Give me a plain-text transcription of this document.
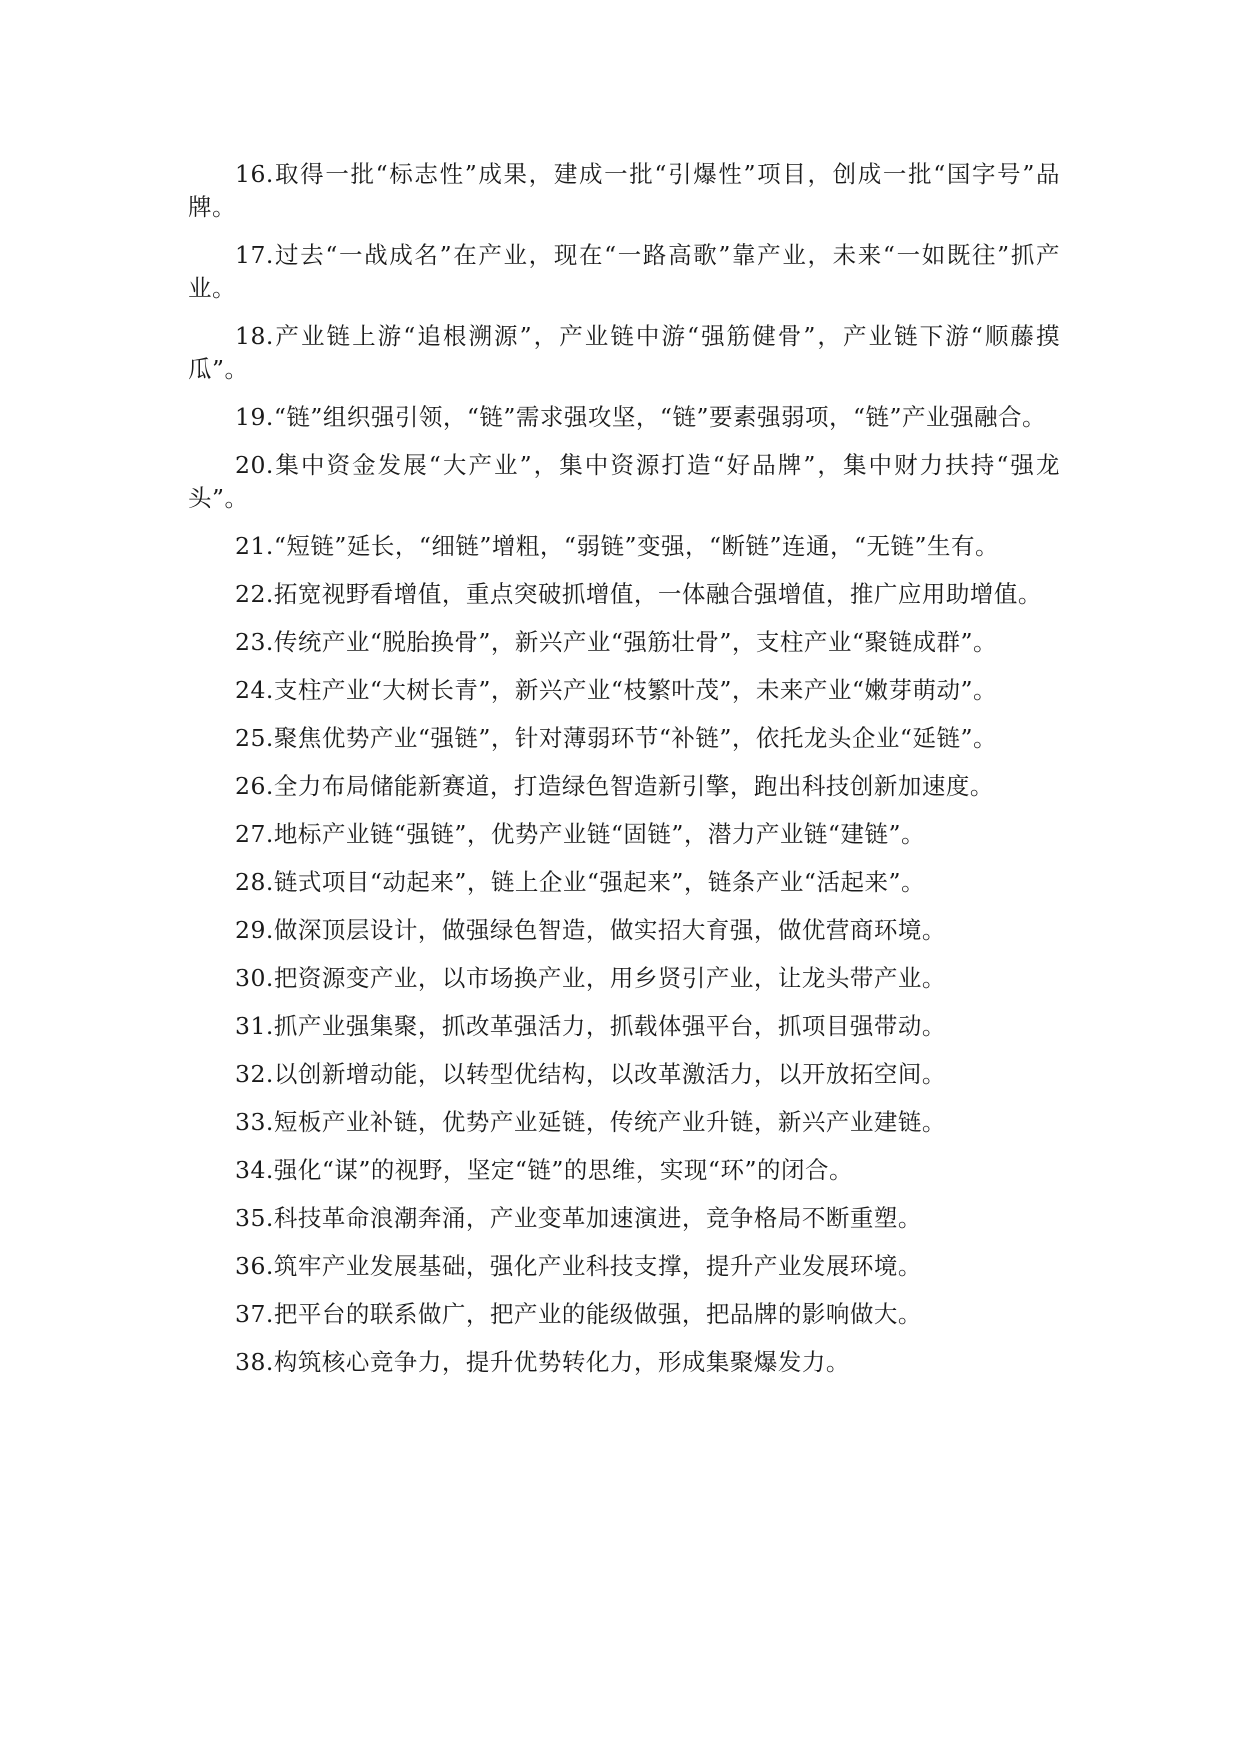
16.取得一批“标志性”成果，建成一批“引爆性”项目，创成一批“国字号”品牌。

17.过去“一战成名”在产业，现在“一路高歌”靠产业，未来“一如既往”抓产业。

18.产业链上游“追根溯源”，产业链中游“强筋健骨”，产业链下游“顺藤摸瓜”。

19.“链”组织强引领，“链”需求强攻坚，“链”要素强弱项，“链”产业强融合。

20.集中资金发展“大产业”，集中资源打造“好品牌”，集中财力扶持“强龙头”。

21.“短链”延长，“细链”增粗，“弱链”变强，“断链”连通，“无链”生有。

22.拓宽视野看增值，重点突破抓增值，一体融合强增值，推广应用助增值。

23.传统产业“脱胎换骨”，新兴产业“强筋壮骨”，支柱产业“聚链成群”。

24.支柱产业“大树长青”，新兴产业“枝繁叶茂”，未来产业“嫩芽萌动”。

25.聚焦优势产业“强链”，针对薄弱环节“补链”，依托龙头企业“延链”。

26.全力布局储能新赛道，打造绿色智造新引擎，跑出科技创新加速度。

27.地标产业链“强链”，优势产业链“固链”，潜力产业链“建链”。

28.链式项目“动起来”，链上企业“强起来”，链条产业“活起来”。

29.做深顶层设计，做强绿色智造，做实招大育强，做优营商环境。

30.把资源变产业，以市场换产业，用乡贤引产业，让龙头带产业。

31.抓产业强集聚，抓改革强活力，抓载体强平台，抓项目强带动。

32.以创新增动能，以转型优结构，以改革激活力，以开放拓空间。

33.短板产业补链，优势产业延链，传统产业升链，新兴产业建链。

34.强化“谋”的视野，坚定“链”的思维，实现“环”的闭合。

35.科技革命浪潮奔涌，产业变革加速演进，竞争格局不断重塑。

36.筑牢产业发展基础，强化产业科技支撑，提升产业发展环境。

37.把平台的联系做广，把产业的能级做强，把品牌的影响做大。

38.构筑核心竞争力，提升优势转化力，形成集聚爆发力。
